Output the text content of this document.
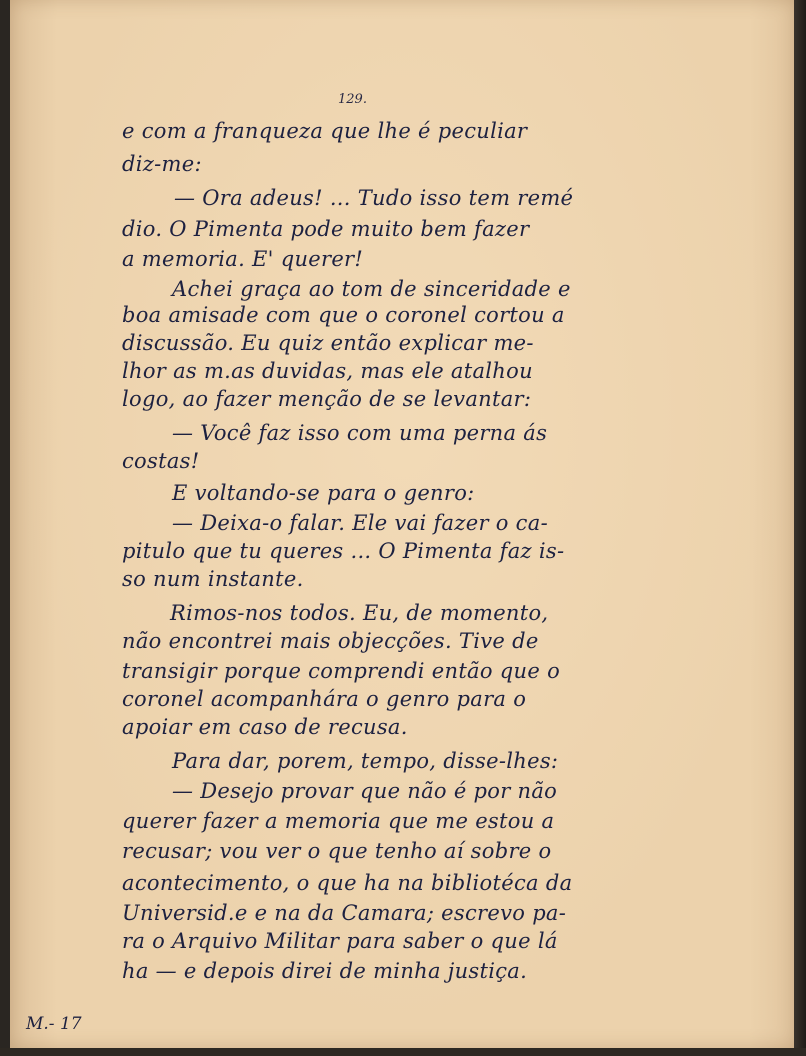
129.
e com a franqueza que lhe é peculiar
diz-me:
— Ora adeus! ... Tudo isso tem remé
dio. O Pimenta pode muito bem fazer
a memoria. E' querer!
Achei graça ao tom de sinceridade e
boa amisade com que o coronel cortou a
discussão. Eu quiz então explicar me-
lhor as m.as duvidas, mas ele atalhou
logo, ao fazer menção de se levantar:
— Você faz isso com uma perna ás
costas!
E voltando-se para o genro:
— Deixa-o falar. Ele vai fazer o ca-
pitulo que tu queres ... O Pimenta faz is-
so num instante.
Rimos-nos todos. Eu, de momento,
não encontrei mais objecções. Tive de
transigir porque comprendi então que o
coronel acompanhára o genro para o
apoiar em caso de recusa.
Para dar, porem, tempo, disse-lhes:
— Desejo provar que não é por não
querer fazer a memoria que me estou a
recusar; vou ver o que tenho aí sobre o
acontecimento, o que ha na bibliotéca da
Universid.e e na da Camara; escrevo pa-
ra o Arquivo Militar para saber o que lá
ha — e depois direi de minha justiça.
M.- 17
